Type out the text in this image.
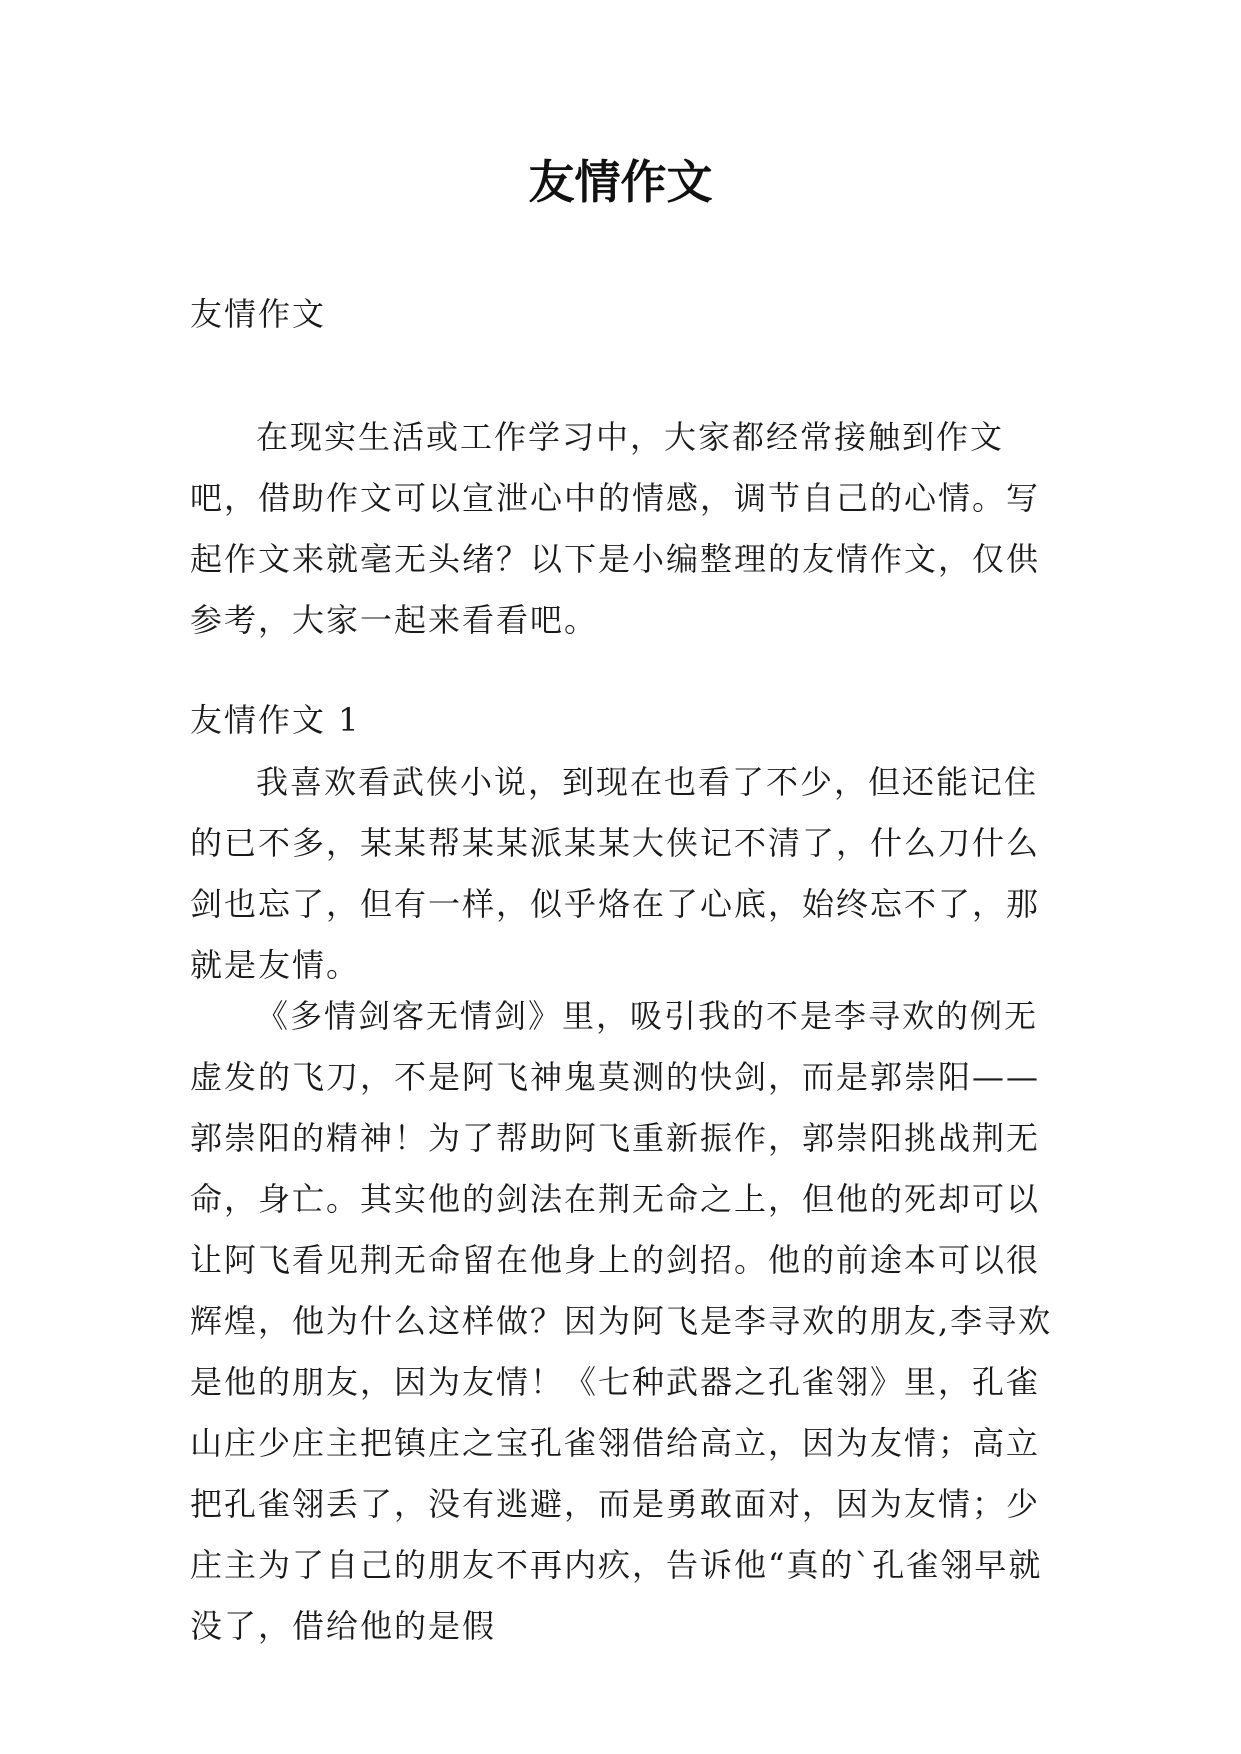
友情作文

友情作文

在现实生活或工作学习中，大家都经常接触到作文吧，借助作文可以宣泄心中的情感，调节自己的心情。写起作文来就毫无头绪？以下是小编整理的友情作文，仅供参考，大家一起来看看吧。

友情作文 1

我喜欢看武侠小说，到现在也看了不少，但还能记住的已不多，某某帮某某派某某大侠记不清了，什么刀什么剑也忘了，但有一样，似乎烙在了心底，始终忘不了，那就是友情。

《多情剑客无情剑》里，吸引我的不是李寻欢的例无虚发的飞刀，不是阿飞神鬼莫测的快剑，而是郭崇阳——郭崇阳的精神！为了帮助阿飞重新振作，郭崇阳挑战荆无命，身亡。其实他的剑法在荆无命之上，但他的死却可以让阿飞看见荆无命留在他身上的剑招。他的前途本可以很辉煌，他为什么这样做？因为阿飞是李寻欢的朋友,李寻欢是他的朋友，因为友情！《七种武器之孔雀翎》里，孔雀山庄少庄主把镇庄之宝孔雀翎借给高立，因为友情；高立把孔雀翎丢了，没有逃避，而是勇敢面对，因为友情；少庄主为了自己的朋友不再内疚，告诉他“真的`孔雀翎早就没了，借给他的是假
